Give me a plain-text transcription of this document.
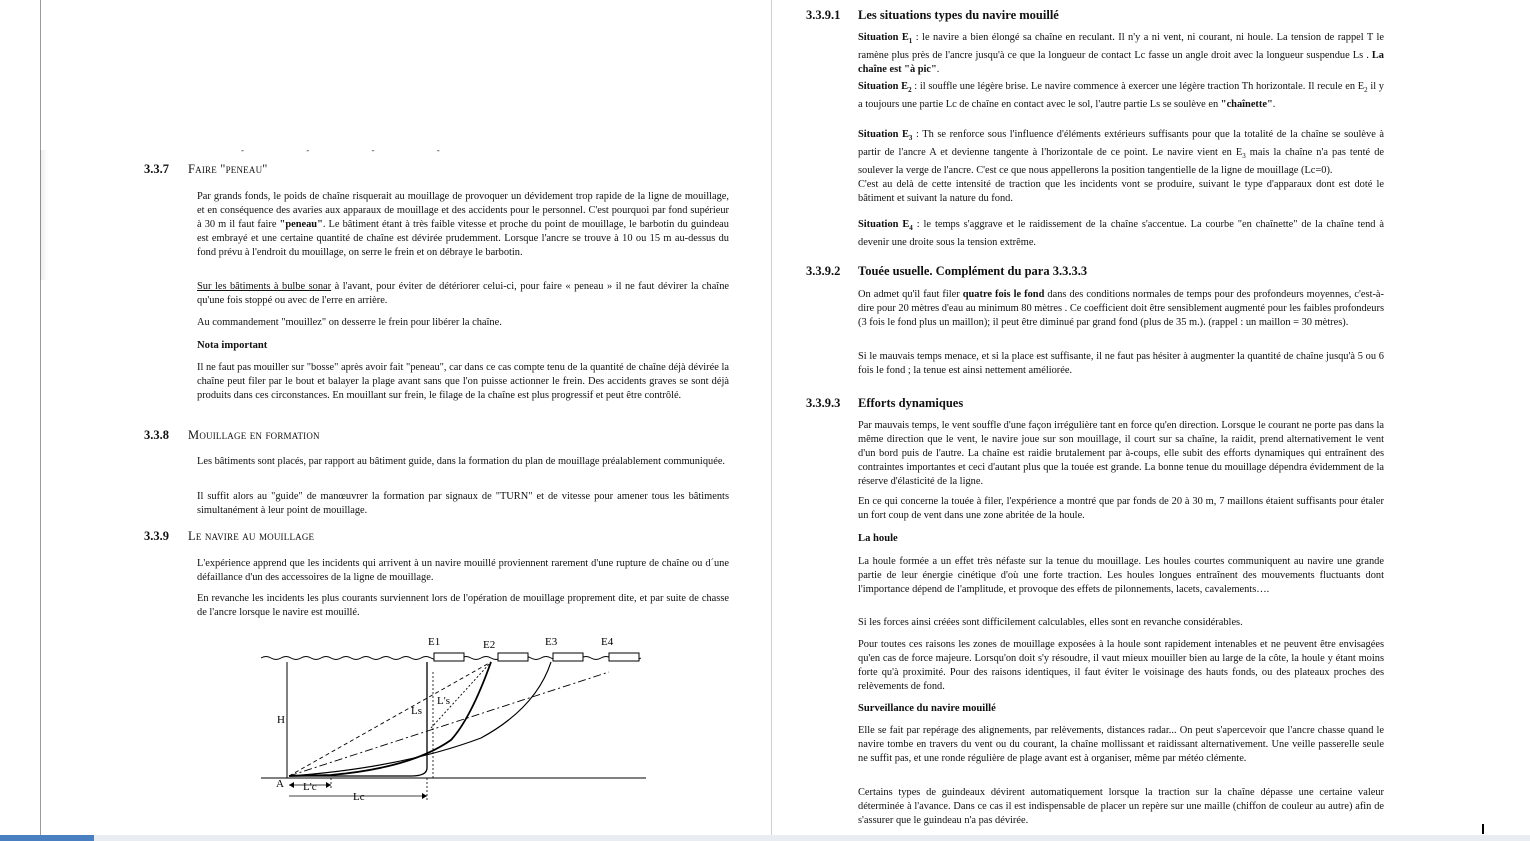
- - - -
3.3.7 Faire "peneau"

Par grands fonds, le poids de chaîne risquerait au mouillage de provoquer un dévidement trop rapide de la ligne de mouillage, et en conséquence des avaries aux apparaux de mouillage et des accidents pour le personnel. C'est pourquoi par fond supérieur à 30 m il faut faire "peneau". Le bâtiment étant à très faible vitesse et proche du point de mouillage, le barbotin du guindeau est embrayé et une certaine quantité de chaîne est dévirée prudemment. Lorsque l'ancre se trouve à 10 ou 15 m au-dessus du fond prévu à l'endroit du mouillage, on serre le frein et on débraye le barbotin.

Sur les bâtiments à bulbe sonar à l'avant, pour éviter de détériorer celui-ci, pour faire « peneau » il ne faut dévirer la chaîne qu'une fois stoppé ou avec de l'erre en arrière.

Au commandement "mouillez" on desserre le frein pour libérer la chaîne.

Nota important

Il ne faut pas mouiller sur "bosse" après avoir fait "peneau", car dans ce cas compte tenu de la quantité de chaîne déjà dévirée la chaîne peut filer par le bout et balayer la plage avant sans que l'on puisse actionner le frein. Des accidents graves se sont déjà produits dans ces circonstances. En mouillant sur frein, le filage de la chaîne est plus progressif et peut être contrôlé.

3.3.8 Mouillage en formation

Les bâtiments sont placés, par rapport au bâtiment guide, dans la formation du plan de mouillage préalablement communiquée.

Il suffit alors au "guide" de manœuvrer la formation par signaux de "TURN" et de vitesse pour amener tous les bâtiments simultanément à leur point de mouillage.

3.3.9 Le navire au mouillage

L'expérience apprend que les incidents qui arrivent à un navire mouillé proviennent rarement d'une rupture de chaîne ou d´une défaillance d'un des accessoires de la ligne de mouillage.

En revanche les incidents les plus courants surviennent lors de l'opération de mouillage proprement dite, et par suite de chasse de l'ancre lorsque le navire est mouillé.

E1	E2	E3	E4
H
Ls
L's
A L'c
Lc
3.3.9.1 Les situations types du navire mouillé

Situation $E_1$ : le navire a bien élongé sa chaîne en reculant. Il n'y a ni vent, ni courant, ni houle. La tension de rappel T le ramène plus près de l'ancre jusqu'à ce que la longueur de contact Lc fasse un angle droit avec la longueur suspendue Ls . La chaîne est "à pic".

Situation $E_2$ : il souffle une légère brise. Le navire commence à exercer une légère traction Th horizontale. Il recule en $E_2$ il y a toujours une partie Lc de chaîne en contact avec le sol, l'autre partie Ls se soulève en "chaînette".

Situation $E_3$ : Th se renforce sous l'influence d'éléments extérieurs suffisants pour que la totalité de la chaîne se soulève à partir de l'ancre A et devienne tangente à l'horizontale de ce point. Le navire vient en $E_3$ mais la chaîne n'a pas tenté de soulever la verge de l'ancre. C'est ce que nous appellerons la position tangentielle de la ligne de mouillage (Lc=0).
C'est au delà de cette intensité de traction que les incidents vont se produire, suivant le type d'apparaux dont est doté le bâtiment et suivant la nature du fond.

Situation $E_4$ : le temps s'aggrave et le raidissement de la chaîne s'accentue. La courbe "en chaînette" de la chaîne tend à devenir une droite sous la tension extrême.

3.3.9.2 Touée usuelle. Complément du para 3.3.3.3

On admet qu'il faut filer quatre fois le fond dans des conditions normales de temps pour des profondeurs moyennes, c'est-à-dire pour 20 mètres d'eau au minimum 80 mètres . Ce coefficient doit être sensiblement augmenté pour les faibles profondeurs (3 fois le fond plus un maillon); il peut être diminué par grand fond (plus de 35 m.). (rappel : un maillon = 30 mètres).

Si le mauvais temps menace, et si la place est suffisante, il ne faut pas hésiter à augmenter la quantité de chaîne jusqu'à 5 ou 6 fois le fond ; la tenue est ainsi nettement améliorée.

3.3.9.3 Efforts dynamiques

Par mauvais temps, le vent souffle d'une façon irrégulière tant en force qu'en direction. Lorsque le courant ne porte pas dans la même direction que le vent, le navire joue sur son mouillage, il court sur sa chaîne, la raidit, prend alternativement le vent d'un bord puis de l'autre. La chaîne est raidie brutalement par à-coups, elle subit des efforts dynamiques qui entraînent des contraintes importantes et ceci d'autant plus que la touée est grande. La bonne tenue du mouillage dépendra évidemment de la réserve d'élasticité de la ligne.

En ce qui concerne la touée à filer, l'expérience a montré que par fonds de 20 à 30 m, 7 maillons étaient suffisants pour étaler un fort coup de vent dans une zone abritée de la houle.

La houle

La houle formée a un effet très néfaste sur la tenue du mouillage. Les houles courtes communiquent au navire une grande partie de leur énergie cinétique d'où une forte traction. Les houles longues entraînent des mouvements fluctuants dont l'importance dépend de l'amplitude, et provoque des effets de pilonnements, lacets, cavalements….

Si les forces ainsi créées sont difficilement calculables, elles sont en revanche considérables.

Pour toutes ces raisons les zones de mouillage exposées à la houle sont rapidement intenables et ne peuvent être envisagées qu'en cas de force majeure. Lorsqu'on doit s'y résoudre, il vaut mieux mouiller bien au large de la côte, la houle y étant moins forte qu'à proximité. Pour des raisons identiques, il faut éviter le voisinage des hauts fonds, ou des plateaux proches des relèvements de fond.

Surveillance du navire mouillé

Elle se fait par repérage des alignements, par relèvements, distances radar... On peut s'apercevoir que l'ancre chasse quand le navire tombe en travers du vent ou du courant, la chaîne mollissant et raidissant alternativement. Une veille passerelle seule ne suffit pas, et une ronde régulière de plage avant est à organiser, même par météo clémente.

Certains types de guindeaux dévirent automatiquement lorsque la traction sur la chaîne dépasse une certaine valeur déterminée à l'avance. Dans ce cas il est indispensable de placer un repère sur une maille (chiffon de couleur au autre) afin de s'assurer que le guindeau n'a pas dévirée.
